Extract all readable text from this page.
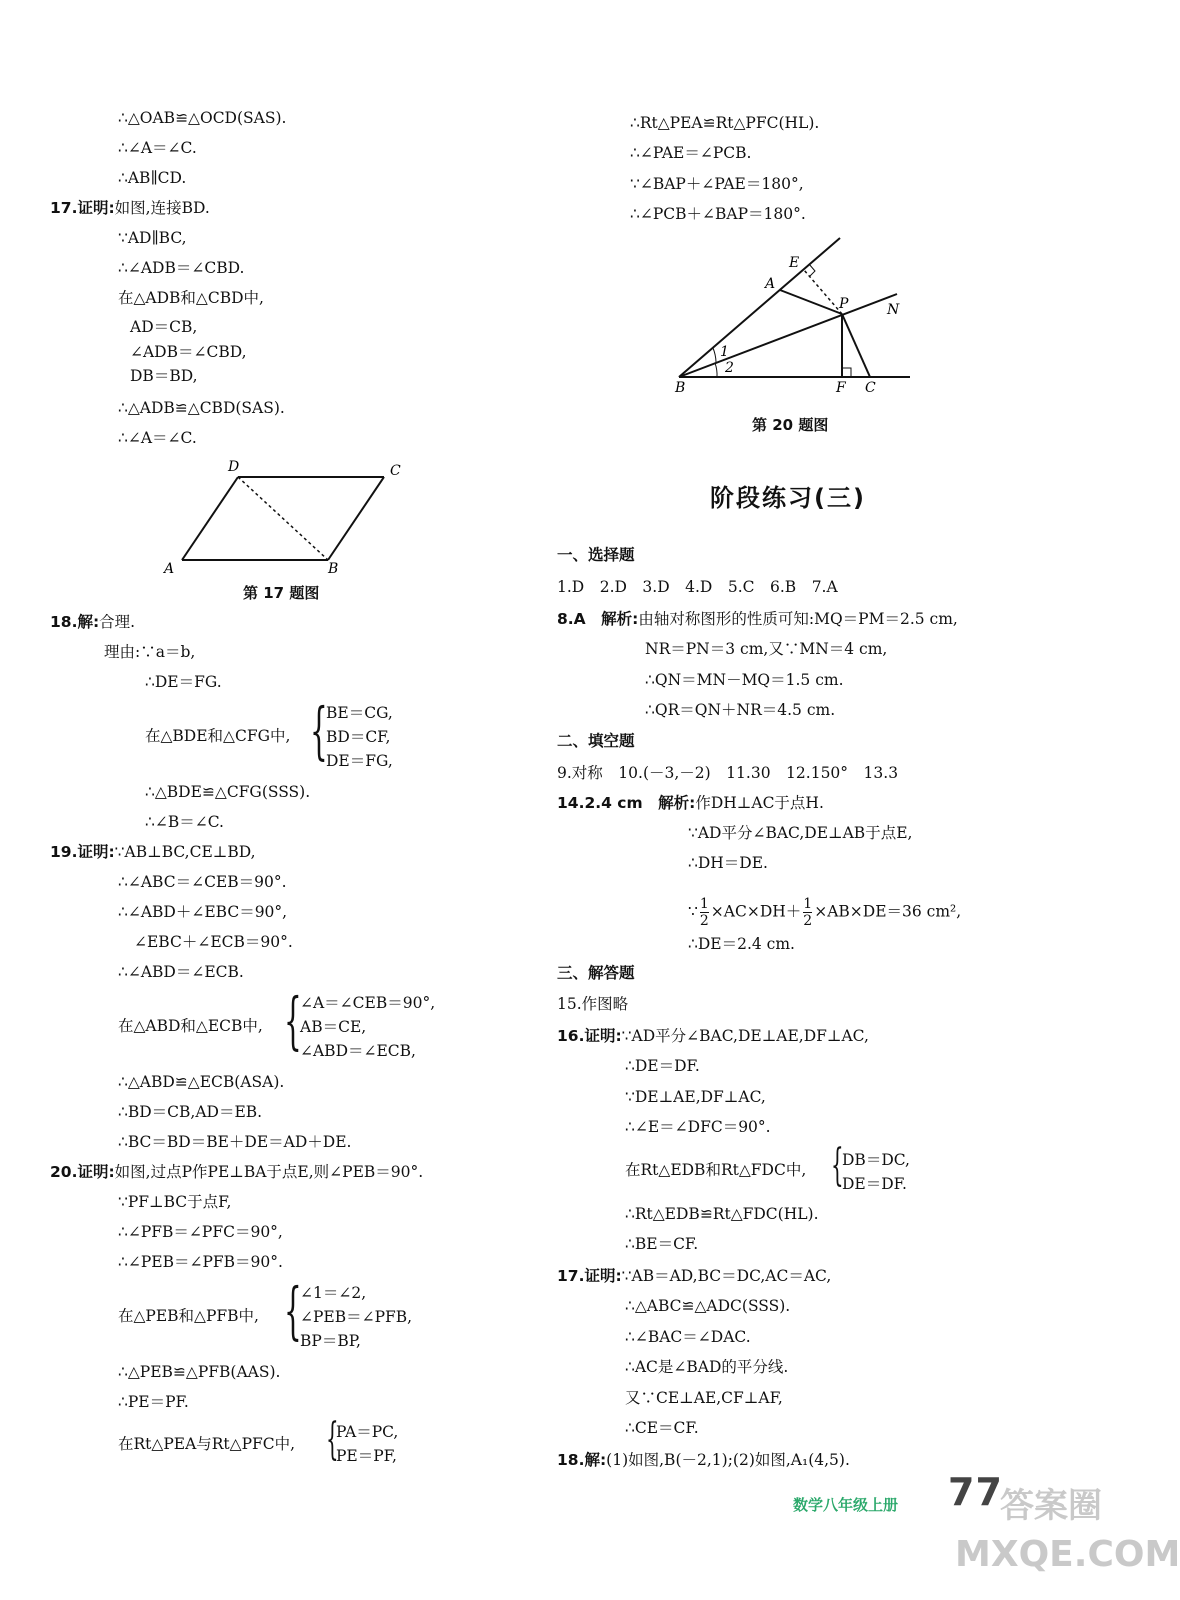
∴△OAB≌△OCD(SAS).
∴∠A＝∠C.
∴AB∥CD.
17.证明:如图,连接BD.
∵AD∥BC,
∴∠ADB＝∠CBD.
在△ADB和△CBD中,
AD＝CB,
∠ADB＝∠CBD,
DB＝BD,
∴△ADB≌△CBD(SAS).
∴∠A＝∠C.
A	B
C
D
第 17 题图
18.解:合理.
理由:∵a＝b,
∴DE＝FG.
在△BDE和△CFG中, {
BE＝CG,
BD＝CF,
DE＝FG,
∴△BDE≌△CFG(SSS).
∴∠B＝∠C.
19.证明:∵AB⊥BC,CE⊥BD,
∴∠ABC＝∠CEB＝90°.
∴∠ABD＋∠EBC＝90°,
∠EBC＋∠ECB＝90°.
∴∠ABD＝∠ECB.
在△ABD和△ECB中, {
∠A＝∠CEB＝90°,
AB＝CE,
∠ABD＝∠ECB,
∴△ABD≌△ECB(ASA).
∴BD＝CB,AD＝EB.
∴BC＝BD＝BE＋DE＝AD＋DE.
20.证明:如图,过点P作PE⊥BA于点E,则∠PEB＝90°.
∵PF⊥BC于点F,
∴∠PFB＝∠PFC＝90°,
∴∠PEB＝∠PFB＝90°.
在△PEB和△PFB中, {
∠1＝∠2,
∠PEB＝∠PFB,
BP＝BP,
∴△PEB≌△PFB(AAS).
∴PE＝PF.
在Rt△PEA与Rt△PFC中, {
PA＝PC,
PE＝PF,
∴Rt△PEA≌Rt△PFC(HL).
∴∠PAE＝∠PCB.
∵∠BAP＋∠PAE＝180°,
∴∠PCB＋∠BAP＝180°.
E
A
P	N
B	F C
1
2
第 20 题图
阶段练习(三)
一、选择题
1.D　2.D　3.D　4.D　5.C　6.B　7.A
8.A　解析:由轴对称图形的性质可知:MQ＝PM＝2.5 cm,
NR＝PN＝3 cm,又∵MN＝4 cm,
∴QN＝MN－MQ＝1.5 cm.
∴QR＝QN＋NR＝4.5 cm.
二、填空题
9.对称　10.(－3,－2)　11.30　12.150°　13.3
14.2.4 cm　解析:作DH⊥AC于点H.
∵AD平分∠BAC,DE⊥AB于点E,
∴DH＝DE.
∵ $\frac{1}{2} \times AC\times DH+ \frac{1}{2} \times AB\times DE=36$ cm²,
∴DE＝2.4 cm.
三、解答题
15.作图略
16.证明:∵AD平分∠BAC,DE⊥AE,DF⊥AC,
∴DE＝DF.
∵DE⊥AE,DF⊥AC,
∴∠E＝∠DFC＝90°.
在Rt△EDB和Rt△FDC中, {
DB＝DC,
DE＝DF.
∴Rt△EDB≌Rt△FDC(HL).
∴BE＝CF.
17.证明:∵AB＝AD,BC＝DC,AC＝AC,
∴△ABC≌△ADC(SSS).
∴∠BAC＝∠DAC.
∴AC是∠BAD的平分线.
又∵CE⊥AE,CF⊥AF,
∴CE＝CF.
18.解:(1)如图,B(－2,1);(2)如图,A₁(4,5).
数学八年级上册 77
答案圈
MXQE.COM
